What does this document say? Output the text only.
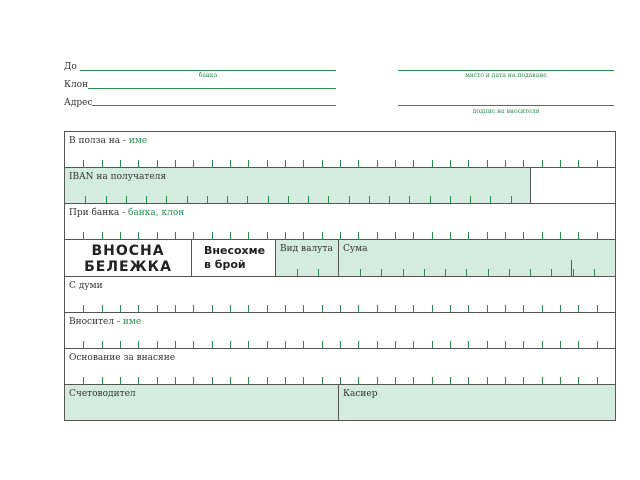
До
банка
Клон
Адрес
място и дата на подаване
подпис на вносителя
В полза на - име
IBAN на получателя
При банка - банка, клон
ВНОСНА
БЕЛЕЖКА
Внесохме
в брой
Вид валута Сума
С думи
Вносител - име
Основание за внасяне
Счетоводител	Касиер
